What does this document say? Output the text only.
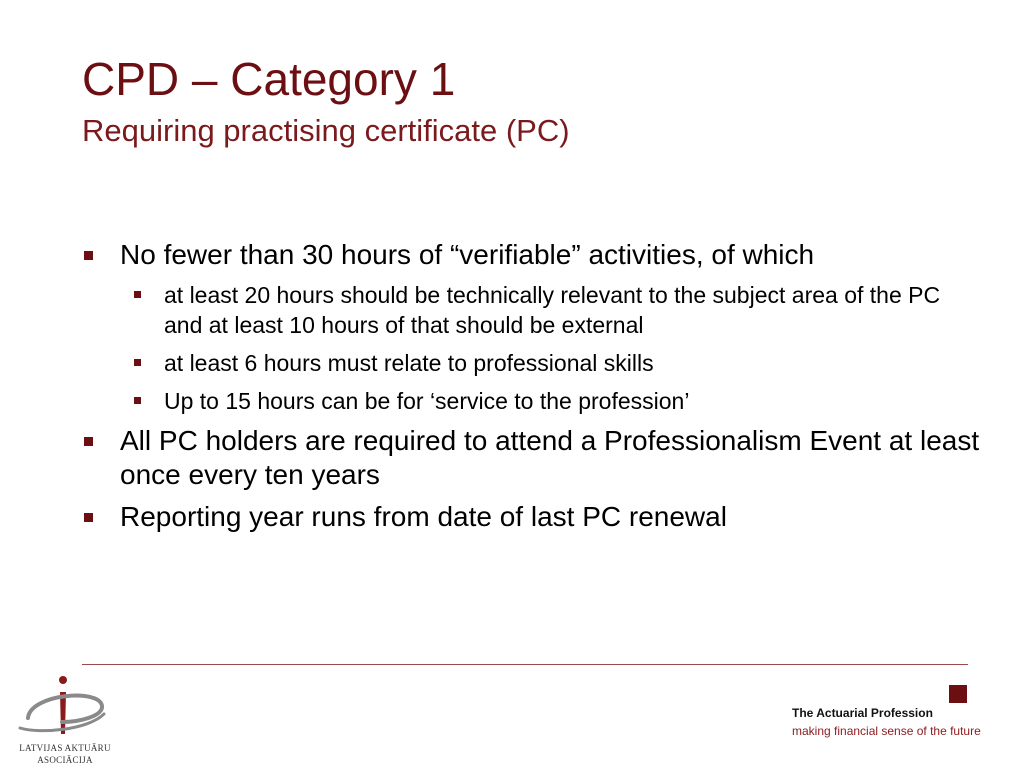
CPD – Category 1
Requiring practising certificate (PC)
No fewer than 30 hours of “verifiable” activities, of which
at least 20 hours should be technically relevant to the subject area of the PC and at least 10 hours of that should be external
at least 6 hours must relate to professional skills
Up to 15 hours can be for ‘service to the profession’
All PC holders are required to attend a Professionalism Event at least once every ten years
Reporting year runs from date of last PC renewal
LATVIJAS AKTUĀRU
ASOCIĀCIJA
The Actuarial Profession
making financial sense of the future
